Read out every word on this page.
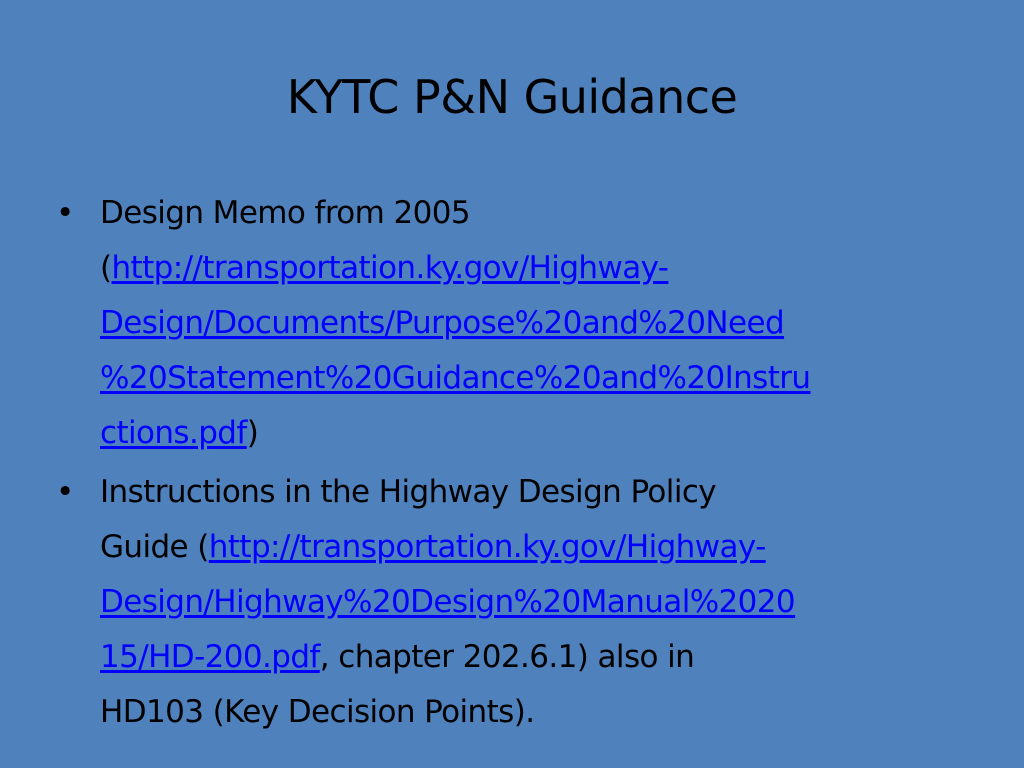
KYTC P&N Guidance
• Design Memo from 2005
(http://transportation.ky.gov/Highway-
Design/Documents/Purpose%20and%20Need
%20Statement%20Guidance%20and%20Instru
ctions.pdf)
• Instructions in the Highway Design Policy
Guide (http://transportation.ky.gov/Highway-
Design/Highway%20Design%20Manual%2020
15/HD-200.pdf, chapter 202.6.1) also in
HD103 (Key Decision Points).
